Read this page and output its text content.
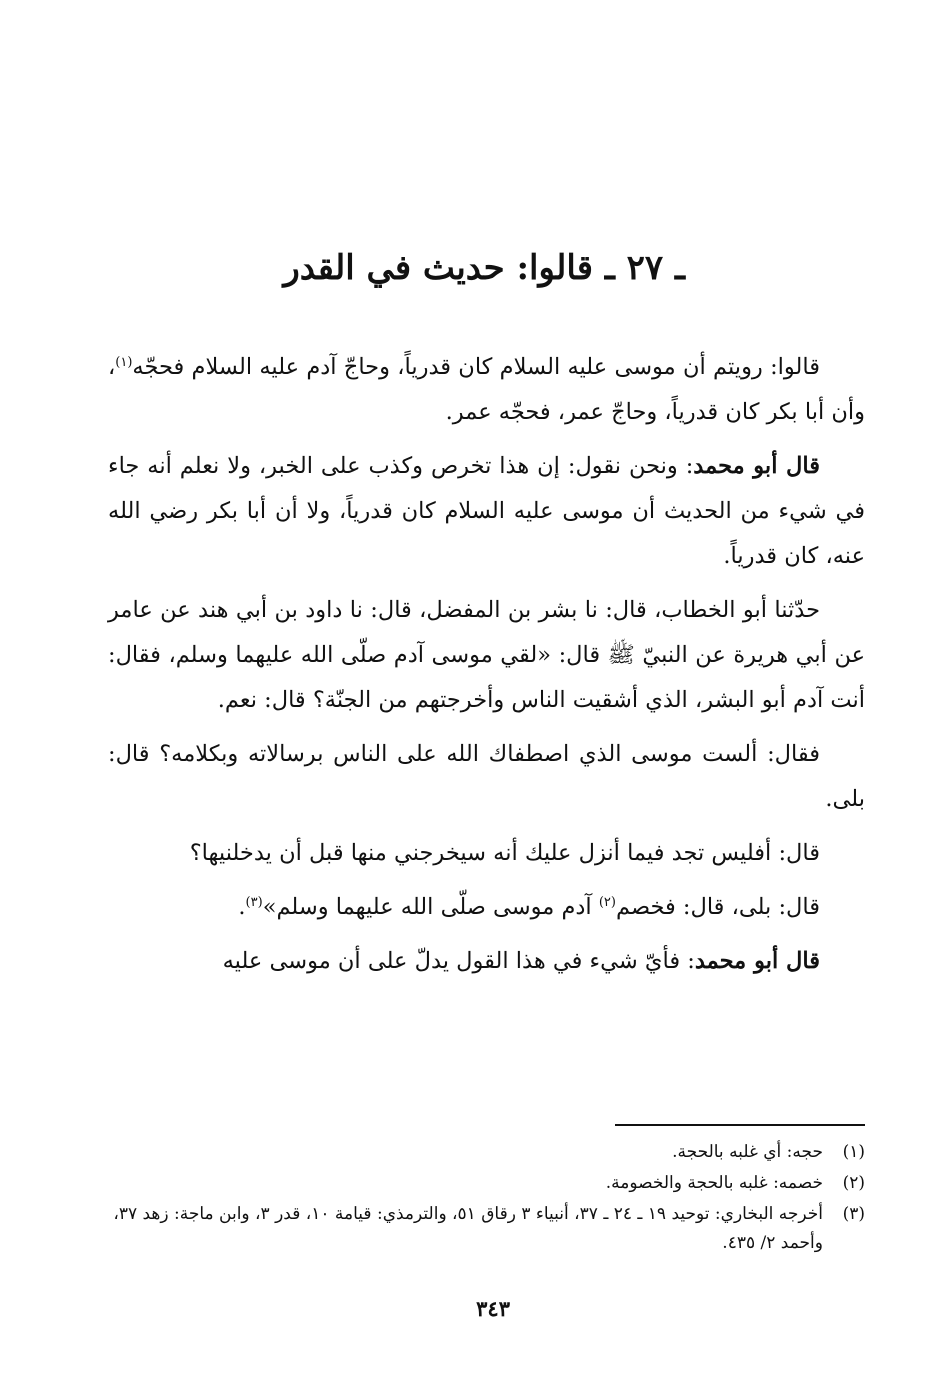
ـ ٢٧ ـ قالوا: حديث في القدر

قالوا: رويتم أن موسى عليه السلام كان قدرياً، وحاجّ آدم عليه السلام فحجّه$^{(١)}$، وأن أبا بكر كان قدرياً، وحاجّ عمر، فحجّه عمر.

قال أبو محمد: ونحن نقول: إن هذا تخرص وكذب على الخبر، ولا نعلم أنه جاء في شيء من الحديث أن موسى عليه السلام كان قدرياً، ولا أن أبا بكر رضي الله عنه، كان قدرياً.

حدّثنا أبو الخطاب، قال: نا بشر بن المفضل، قال: نا داود بن أبي هند عن عامر عن أبي هريرة عن النبيّ ﷺ قال: «لقي موسى آدم صلّى الله عليهما وسلم، فقال: أنت آدم أبو البشر، الذي أشقيت الناس وأخرجتهم من الجنّة؟ قال: نعم.

فقال: ألست موسى الذي اصطفاك الله على الناس برسالاته وبكلامه؟ قال: بلى.

قال: أفليس تجد فيما أنزل عليك أنه سيخرجني منها قبل أن يدخلنيها؟

قال: بلى، قال: فخصم$^{(٢)}$ آدم موسى صلّى الله عليهما وسلم»$^{(٣)}$.

قال أبو محمد: فأيّ شيء في هذا القول يدلّ على أن موسى عليه

(١)
حجه: أي غلبه بالحجة.
(٢)
خصمه: غلبه بالحجة والخصومة.
(٣)
أخرجه البخاري: توحيد ١٩ ـ ٢٤ ـ ٣٧، أنبياء ٣ رقاق ٥١، والترمذي: قيامة ١٠، قدر ٣، وابن ماجة: زهد ٣٧، وأحمد ٢/ ٤٣٥.
٣٤٣
